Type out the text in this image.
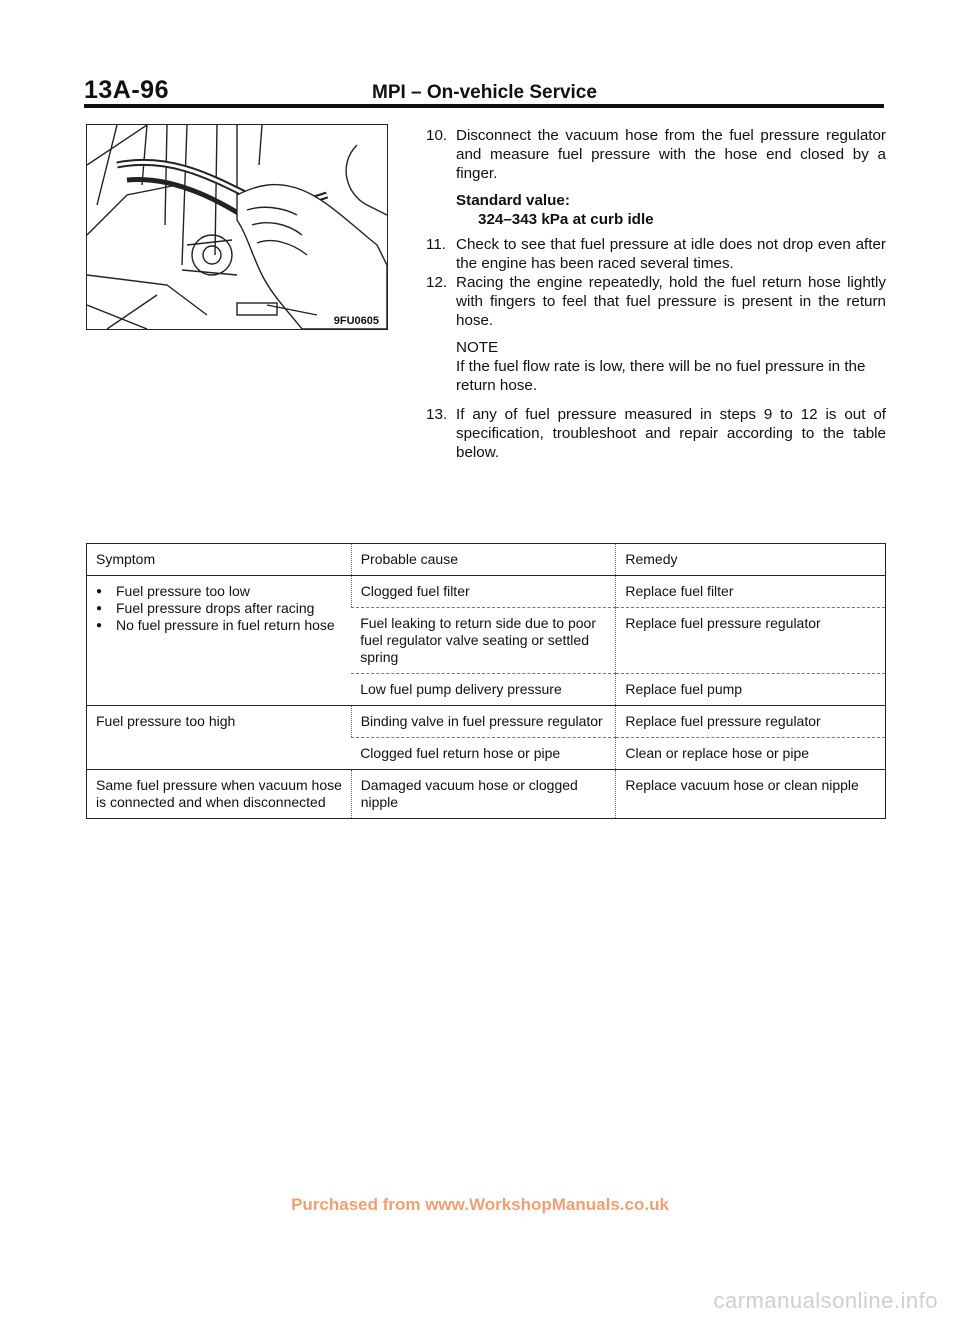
13A-96	MPI – On-vehicle Service
9FU0605
10. Disconnect the vacuum hose from the fuel pressure regulator and measure fuel pressure with the hose end closed by a finger.
Standard value:
324–343 kPa at curb idle
11. Check to see that fuel pressure at idle does not drop even after the engine has been raced several times.
12. Racing the engine repeatedly, hold the fuel return hose lightly with fingers to feel that fuel pressure is present in the return hose.
NOTE
If the fuel flow rate is low, there will be no fuel pressure in the return hose.
13. If any of fuel pressure measured in steps 9 to 12 is out of specification, troubleshoot and repair according to the table below.
Symptom	Probable cause	Remedy

● Fuel pressure too low
● Fuel pressure drops after racing
● No fuel pressure in fuel return hose	Clogged fuel filter	Replace fuel filter
	Fuel leaking to return side due to poor fuel regulator valve seating or settled spring	Replace fuel pressure regulator
	Low fuel pump delivery pressure	Replace fuel pump
Fuel pressure too high	Binding valve in fuel pressure regulator	Replace fuel pressure regulator
	Clogged fuel return hose or pipe	Clean or replace hose or pipe
Same fuel pressure when vacuum hose is connected and when disconnected	Damaged vacuum hose or clogged nipple	Replace vacuum hose or clean nipple
Purchased from www.WorkshopManuals.co.uk
carmanualsonline.info
